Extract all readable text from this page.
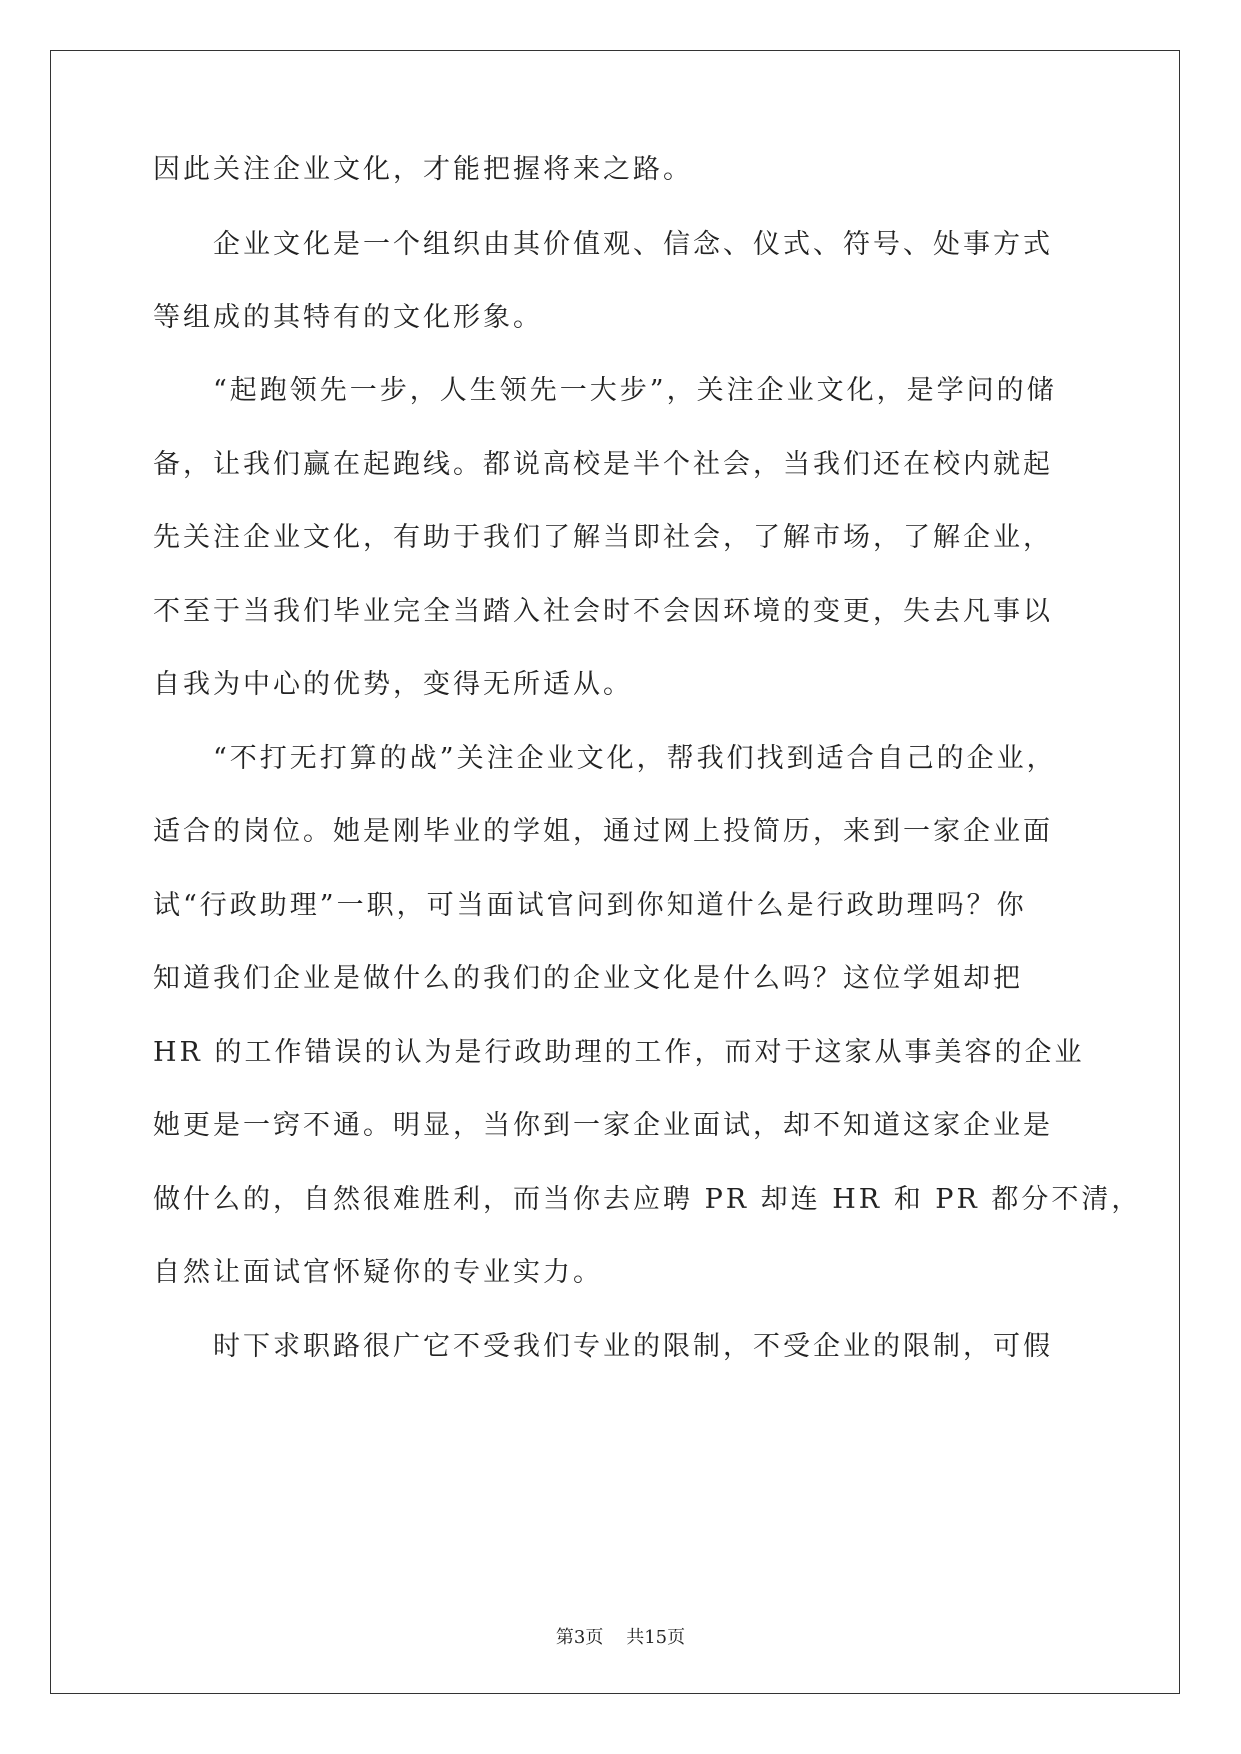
因此关注企业文化，才能把握将来之路。
　　企业文化是一个组织由其价值观、信念、仪式、符号、处事方式
等组成的其特有的文化形象。
　　“起跑领先一步，人生领先一大步”，关注企业文化，是学问的储
备，让我们赢在起跑线。都说高校是半个社会，当我们还在校内就起
先关注企业文化，有助于我们了解当即社会，了解市场，了解企业，
不至于当我们毕业完全当踏入社会时不会因环境的变更，失去凡事以
自我为中心的优势，变得无所适从。
　　“不打无打算的战”关注企业文化，帮我们找到适合自己的企业，
适合的岗位。她是刚毕业的学姐，通过网上投简历，来到一家企业面
试“行政助理”一职，可当面试官问到你知道什么是行政助理吗？你
知道我们企业是做什么的我们的企业文化是什么吗？这位学姐却把
HR 的工作错误的认为是行政助理的工作，而对于这家从事美容的企业
她更是一窍不通。明显，当你到一家企业面试，却不知道这家企业是
做什么的，自然很难胜利，而当你去应聘 PR 却连 HR 和 PR 都分不清，
自然让面试官怀疑你的专业实力。
　　时下求职路很广它不受我们专业的限制，不受企业的限制，可假
第3页 共15页
